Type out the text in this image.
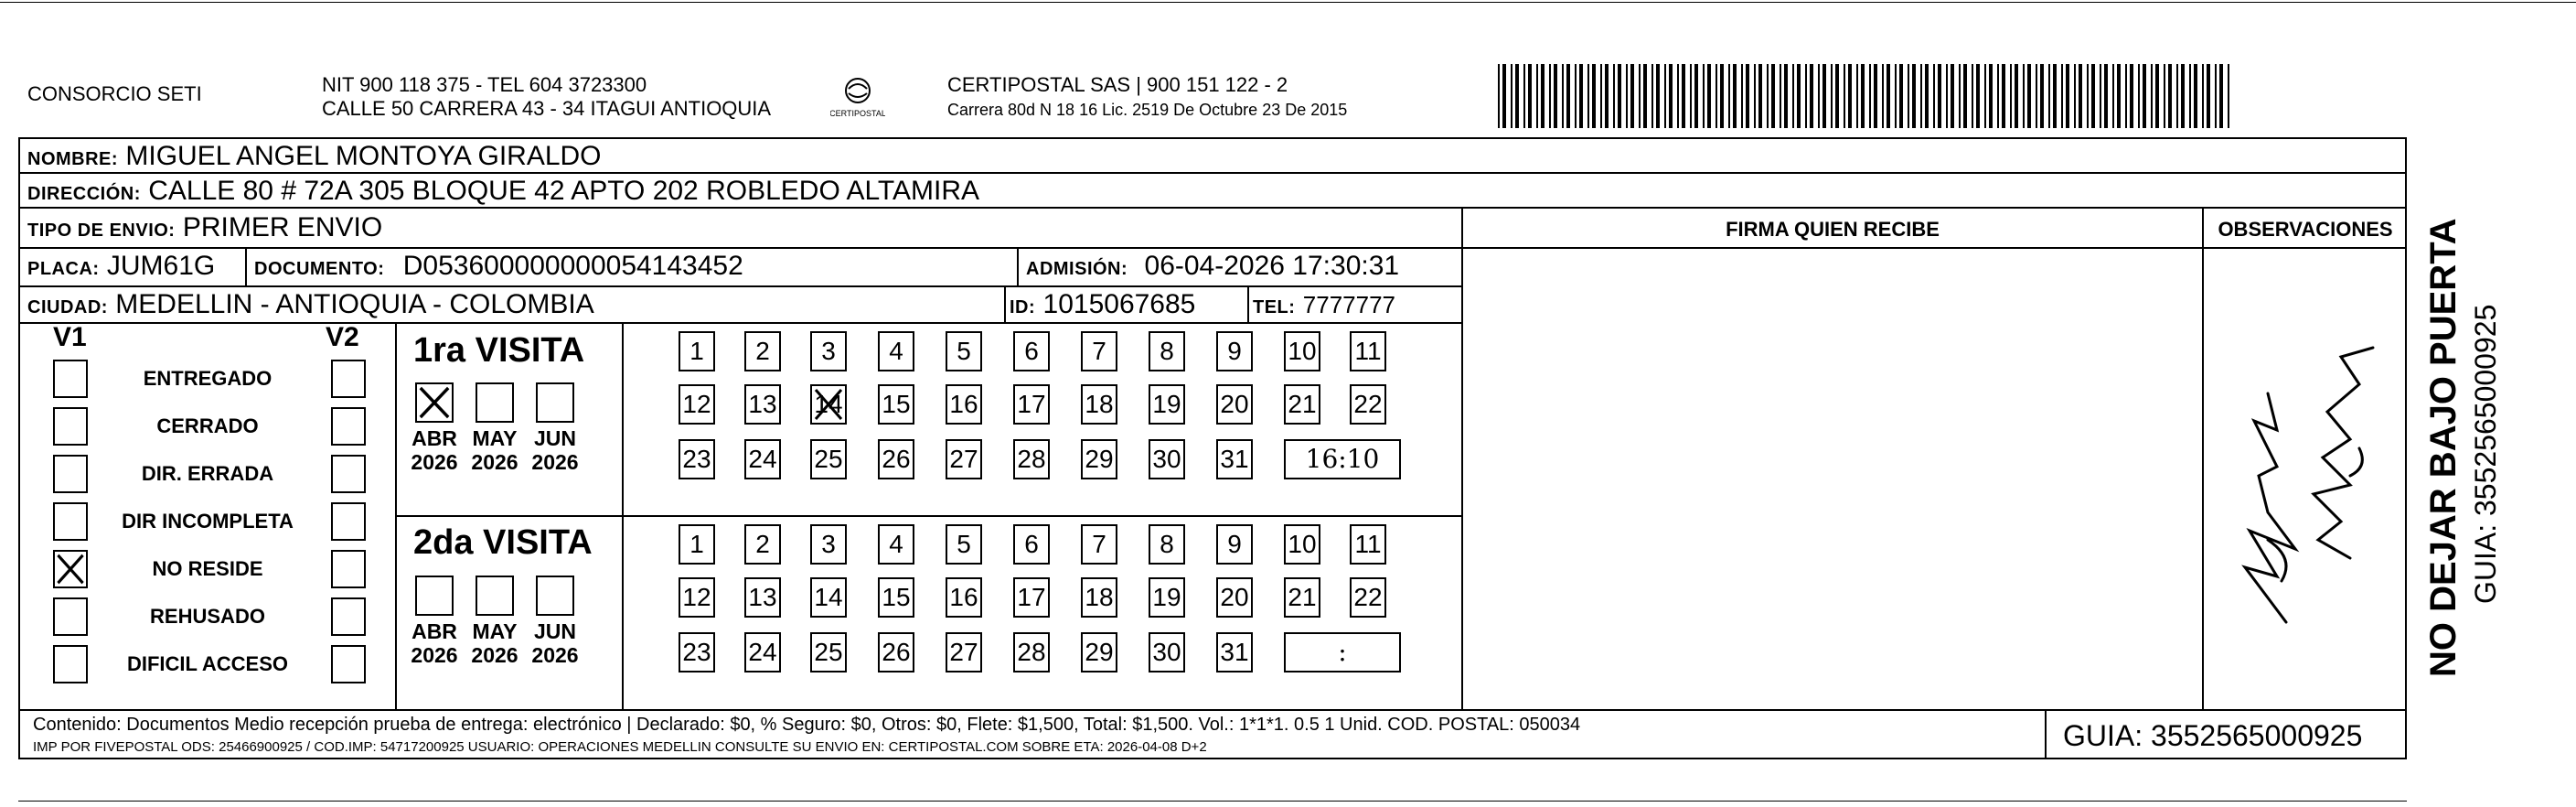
CONSORCIO SETI	NIT 900 118 375 - TEL 604 3723300
CALLE 50 CARRERA 43 - 34 ITAGUI ANTIOQUIA	CERTIPOSTAL
CERTIPOSTAL SAS | 900 151 122 - 2
Carrera 80d N 18 16 Lic. 2519 De Octubre 23 De 2015
NOMBRE: MIGUEL ANGEL MONTOYA GIRALDO
DIRECCIÓN: CALLE 80 # 72A 305 BLOQUE 42 APTO 202 ROBLEDO ALTAMIRA
TIPO DE ENVIO: PRIMER ENVIO
PLACA: JUM61G DOCUMENTO: D053600000000054143452	ADMISIÓN: 06-04-2026 17:30:31
CIUDAD: MEDELLIN - ANTIOQUIA - COLOMBIA	ID: 1015067685	TEL: 7777777
FIRMA QUIEN RECIBE	OBSERVACIONES NO DEJAR BAJO PUERTA GUIA: 3552565000925
V1	V2
ENTREGADO
CERRADO
DIR. ERRADA
DIR INCOMPLETA
NO RESIDE
REHUSADO
DIFICIL ACCESO
1ra VISITA
2da VISITA
ABR
2026
MAY
2026
JUN
2026
1	2	3	4	5	6	7	8	9	10 11
12 13 14 15 16 17 18 19 20 21 22
23 24 25 26 27 28 29 30 31	16:10
ABR
2026
MAY
2026
JUN
2026
1	2	3	4	5	6	7	8	9	10 11
12 13 14 15 16 17 18 19 20 21 22
23 24 25 26 27 28 29 30 31	:
Contenido: Documentos Medio recepción prueba de entrega: electrónico | Declarado: $0, % Seguro: $0, Otros: $0, Flete: $1,500, Total: $1,500. Vol.: 1*1*1. 0.5 1 Unid. COD. POSTAL: 050034
IMP POR FIVEPOSTAL ODS: 25466900925 / COD.IMP: 54717200925 USUARIO: OPERACIONES MEDELLIN CONSULTE SU ENVIO EN: CERTIPOSTAL.COM SOBRE ETA: 2026-04-08 D+2	GUIA: 3552565000925
